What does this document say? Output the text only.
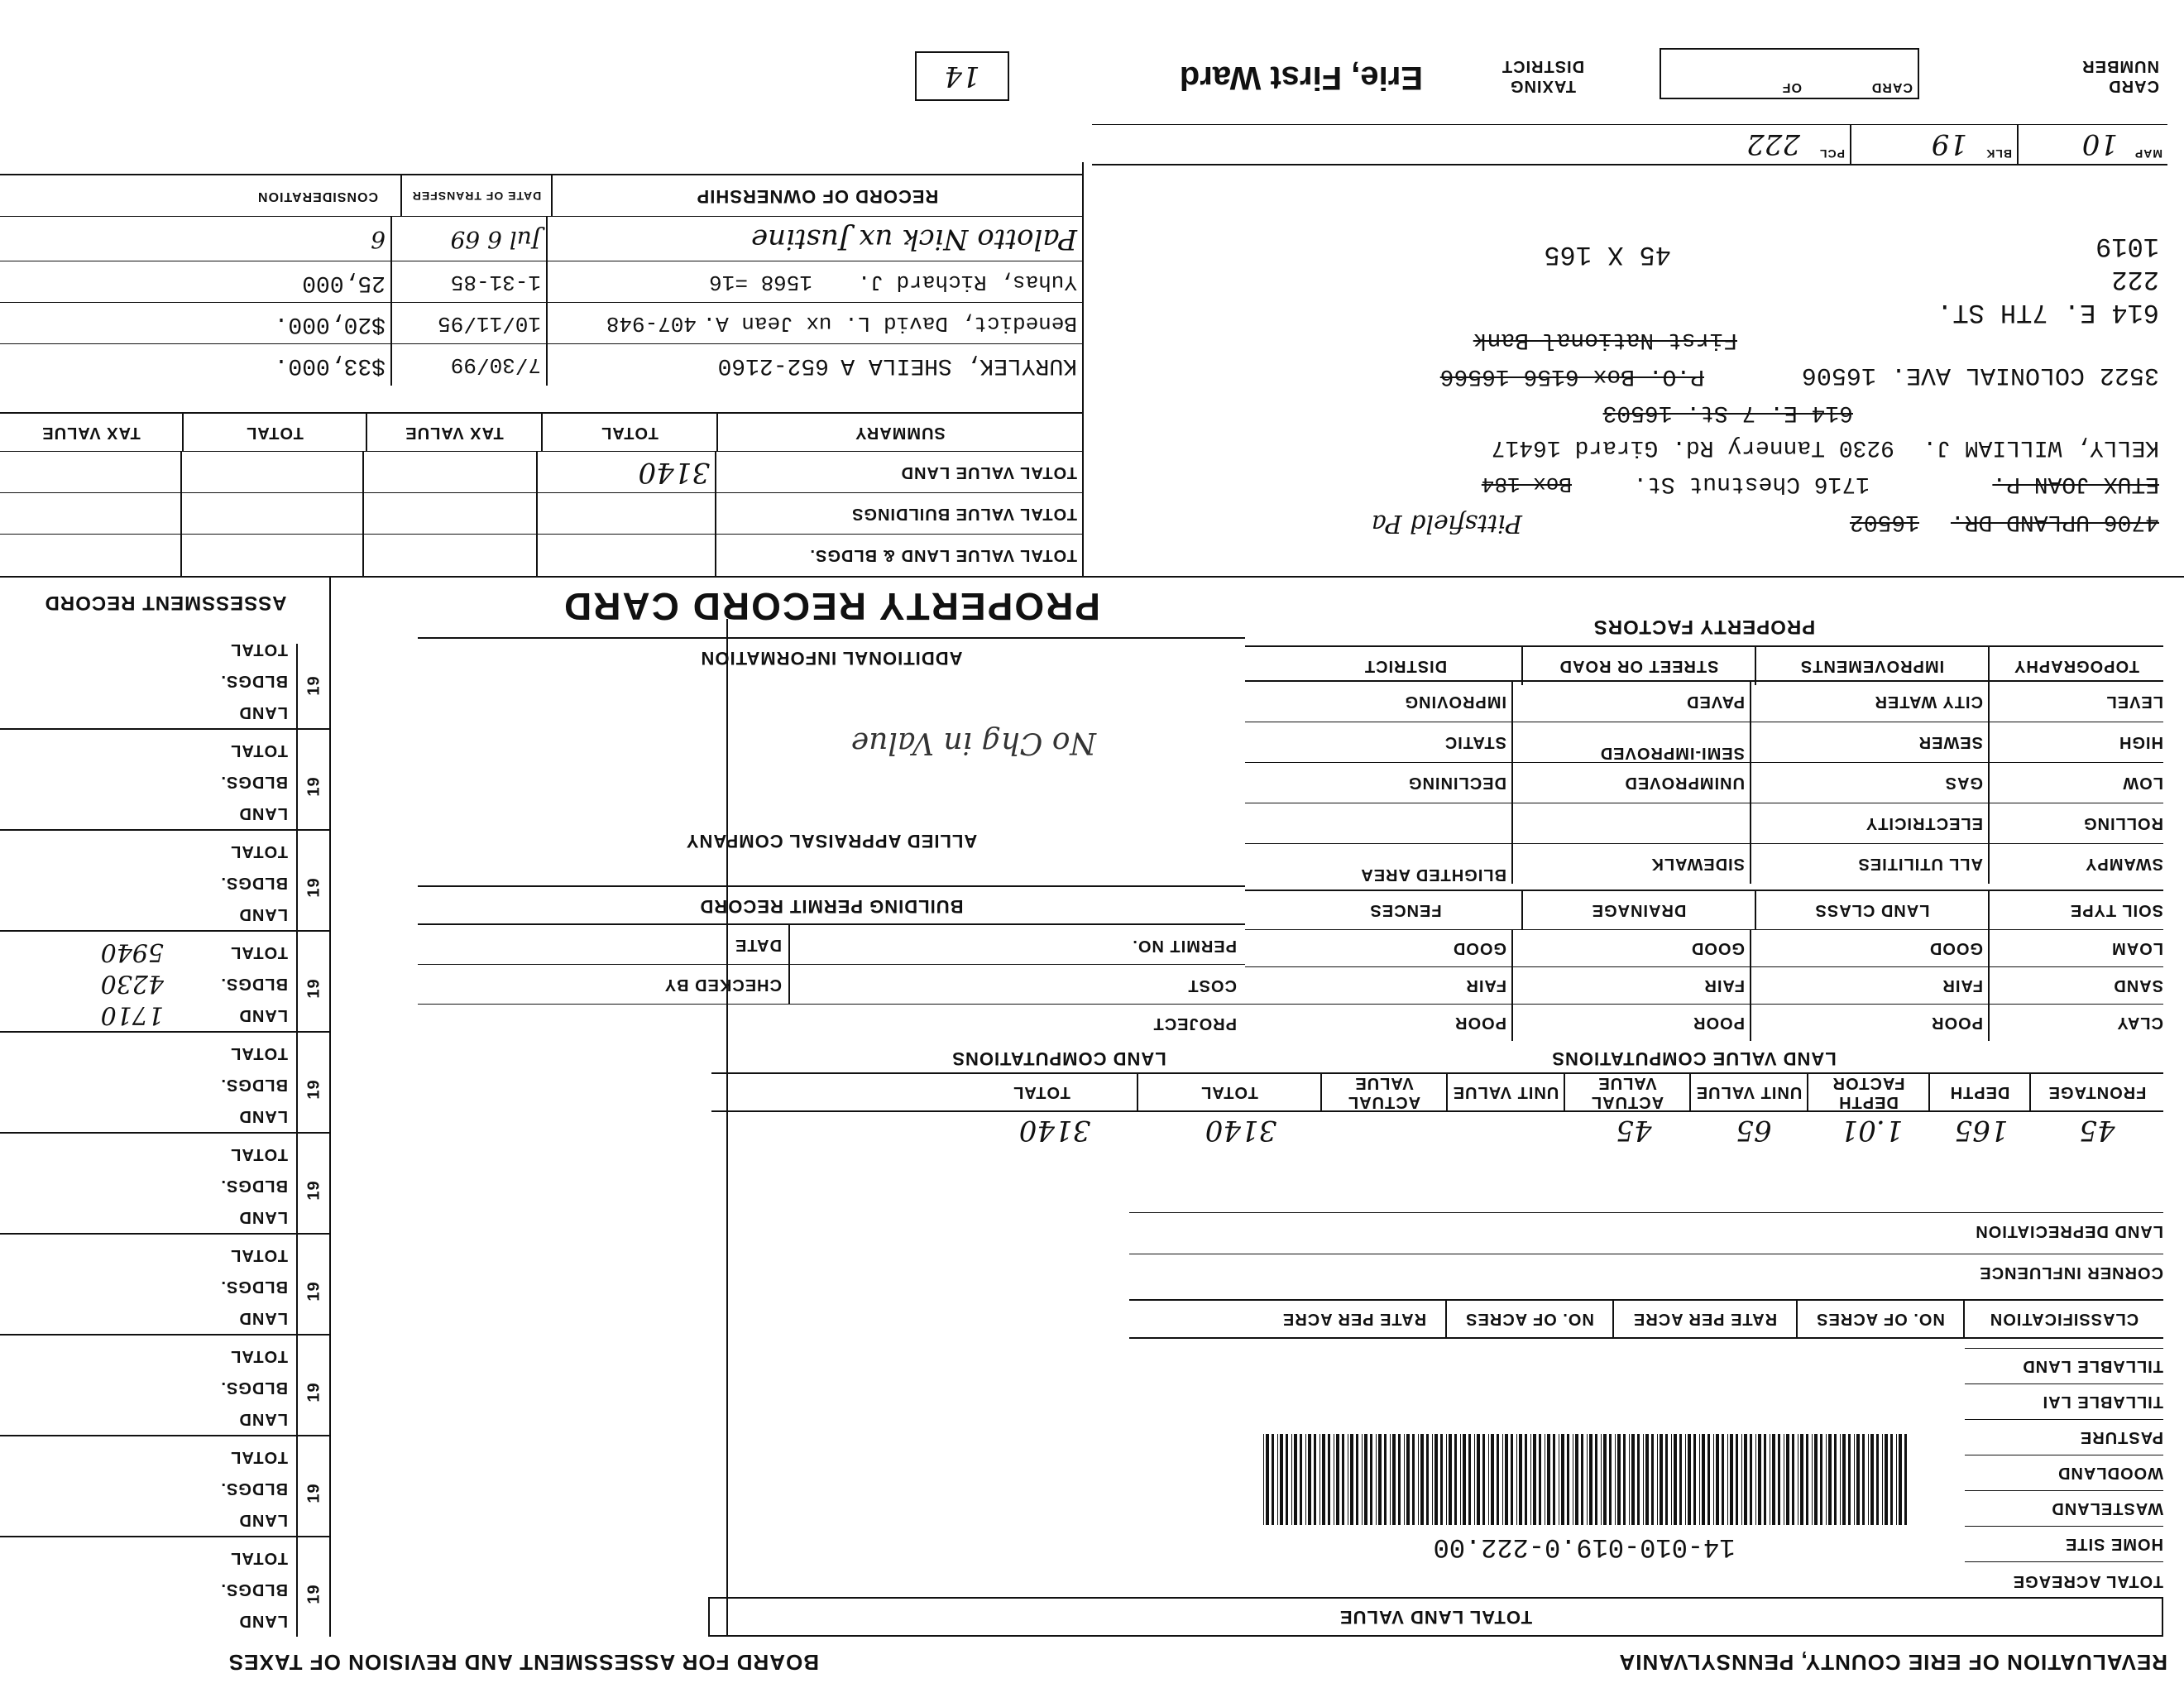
REVALUATION OF ERIE COUNTY, PENNSYLVANIA
BOARD FOR ASSESSMENT AND REVISION OF TAXES
TOTAL LAND VALUE
TOTAL ACREAGE
HOME SITE
WASTELAND
WOODLAND
PASTURE
TILLABLE LAI
TILLABLE LAND
14-010-019.0-222.00
CLASSIFICATION
NO. OF ACRES
RATE PER ACRE
NO. OF ACRES
RATE PER ACRE
CORNER INFLUENCE
LAND DEPRECIATION
FRONTAGE
DEPTH
DEPTH FACTOR
UNIT VALUE
ACTUAL VALUE
UNIT VALUE
ACTUAL VALUE
TOTAL
TOTAL
45
165
1.01
65
45
3140
3140
LAND VALUE COMPUTATIONS
LAND COMPUTATIONS
CLAY
POOR
POOR
POOR
SAND
FAIR
FAIR
FAIR
LOAM
GOOD
GOOD
GOOD
SOIL TYPE
LAND CLASS
DRAINAGE
FENCES
SWAMPY
ALL UTILITIES
SIDEWALK
BLIGHTED AREA
ROLLING
ELECTRICITY
LOW
GAS
UNIMPROVED
DECLINING
HIGH
SEWER
SEMI-IMPROVED
STATIC
LEVEL
CITY WATER
PAVED
IMPROVING
TOPOGRAPHY
IMPROVEMENTS
STREET OR ROAD
DISTRICT
PROPERTY FACTORS
PROJECT
COST
CHECKED BY
PERMIT NO.
DATE
BUILDING PERMIT RECORD
ALLIED APPRAISAL COMPANY
No Chg in Value
ADDITIONAL INFORMATION
PROPERTY RECORD CARD
19
LAND
BLDGS.
TOTAL
19
LAND
BLDGS.
TOTAL
19
LAND
BLDGS.
TOTAL
19
LAND
BLDGS.
TOTAL
19
LAND
BLDGS.
TOTAL
19
LAND
BLDGS.
TOTAL
19
LAND
BLDGS.
TOTAL
1710
4230
5940
19
LAND
BLDGS.
TOTAL
19
LAND
BLDGS.
TOTAL
19
LAND
BLDGS.
TOTAL
ASSESSMENT RECORD
4706 UPLAND DR.
16502
Pittsfield Pa
ETUX JOAN P.
1716 Chestnut St.
Box 184
KELLY, WILLIAM J.
9230 Tannery Rd. Girard 16417
614 E. 7 St. 16503
3522 COLONIAL AVE. 16506
P.O. Box 6156 16566
First National Bank
614 E. 7TH ST.
222
1019
45 X 165
TOTAL VALUE LAND & BLDGS.
TOTAL VALUE BUILDINGS
TOTAL VALUE LAND
3140
SUMMARY
TOTAL
TAX VALUE
TOTAL
TAX VALUE
KURYLEK, SHEILA A
652-2160
7/30/99
$33,000.
Benedict, David L. ux Jean A.
407-948
10/11/95
$20,000.
Yuhas, Richard J.
1568 =16
1-31-85
25,000
Palotto Nick ux Justine
Jul 6 69
6
RECORD OF OWNERSHIP
DATE OF TRANSFER
CONSIDERATION
10 MAP
19 BLK
222 PCL
CARD NUMBER
CARD
OF
TAXING DISTRICT
Erie, First Ward
14
